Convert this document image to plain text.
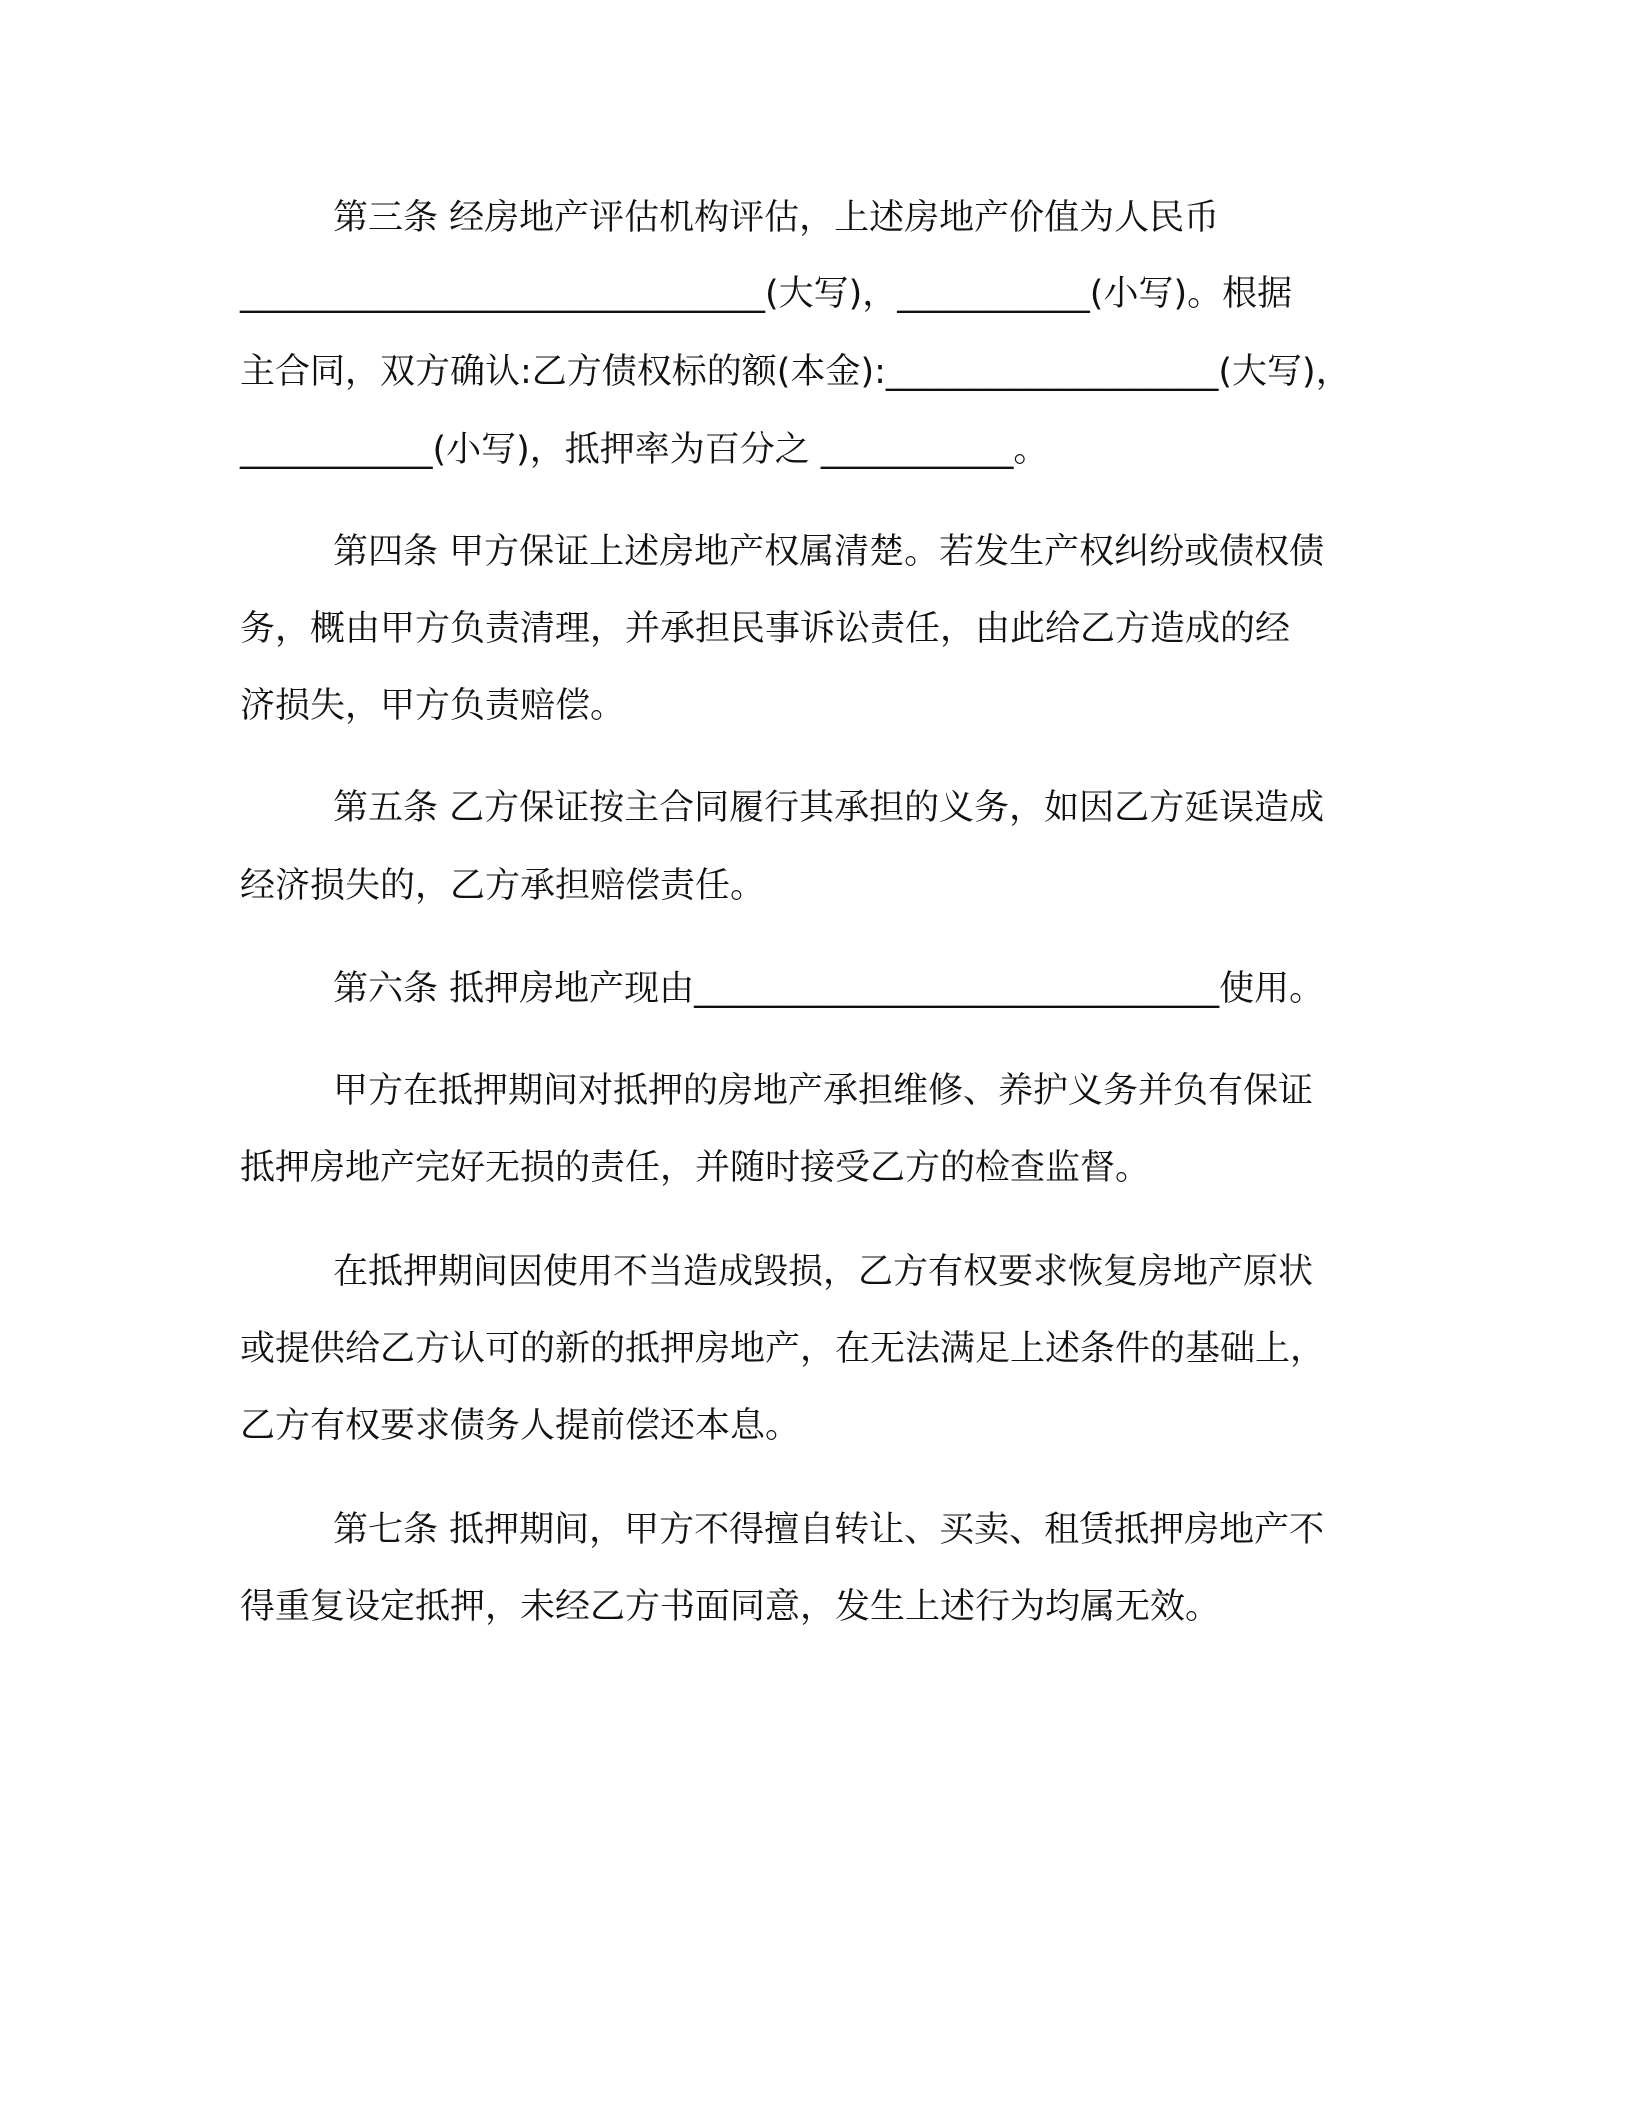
第三条 经房地产评估机构评估，上述房地产价值为人民币
______________________________(大写)，___________(小写)。根据
主合同，双方确认:乙方债权标的额(本金):___________________(大写)，
___________(小写)，抵押率为百分之 ___________。
第四条 甲方保证上述房地产权属清楚。若发生产权纠纷或债权债
务，概由甲方负责清理，并承担民事诉讼责任，由此给乙方造成的经
济损失，甲方负责赔偿。
第五条 乙方保证按主合同履行其承担的义务，如因乙方延误造成
经济损失的，乙方承担赔偿责任。
第六条 抵押房地产现由______________________________使用。
甲方在抵押期间对抵押的房地产承担维修、养护义务并负有保证
抵押房地产完好无损的责任，并随时接受乙方的检查监督。
在抵押期间因使用不当造成毁损，乙方有权要求恢复房地产原状
或提供给乙方认可的新的抵押房地产，在无法满足上述条件的基础上，
乙方有权要求债务人提前偿还本息。
第七条 抵押期间，甲方不得擅自转让、买卖、租赁抵押房地产不
得重复设定抵押，未经乙方书面同意，发生上述行为均属无效。
